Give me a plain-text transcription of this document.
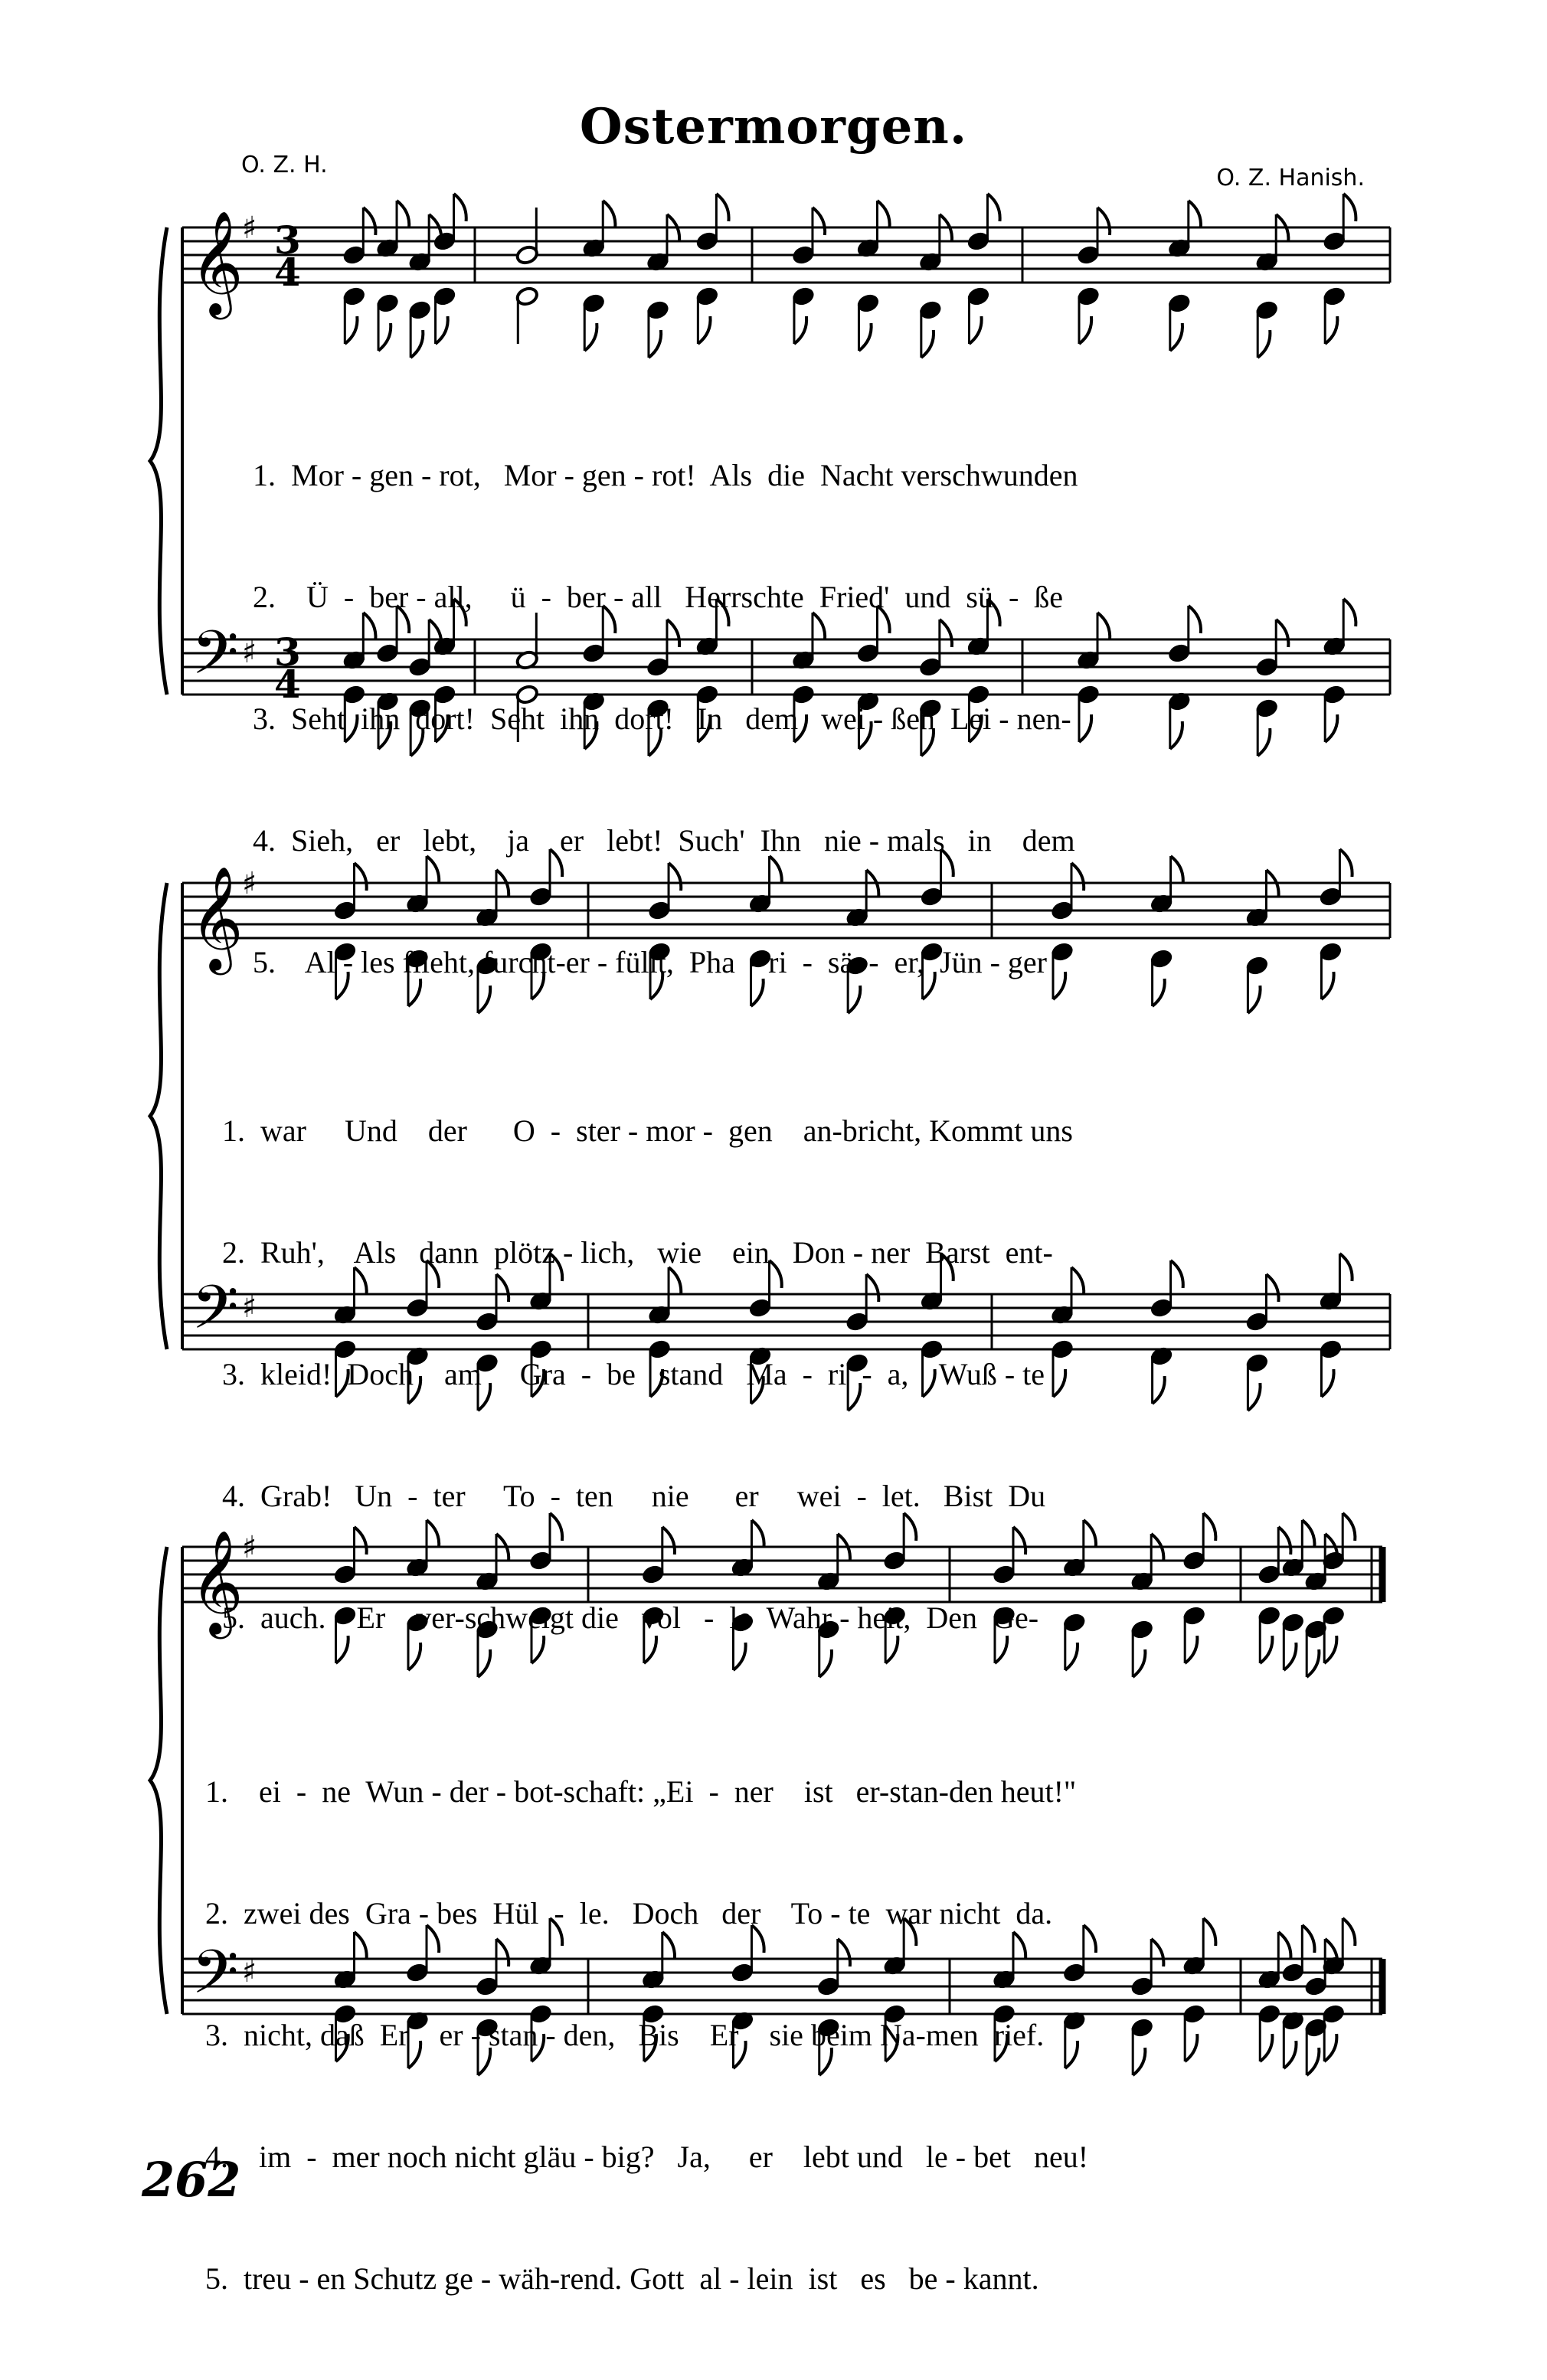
Ostermorgen.
O. Z. H.	O. Z. Hanish.
𝄞
𝄢
♯
♯
3
4
3
4
𝄞
𝄢
♯
♯
𝄞
𝄢
♯
♯

1.  Mor - gen - rot,   Mor - gen - rot!  Als  die  Nacht verschwunden

2.    Ü  -  ber - all,     ü  -  ber - all   Herrschte  Fried'  und  sü  -  ße

3.  Seht  ihn  dort!  Seht  ihn  dort!   In   dem   wei - ßen  Lei - nen-

4.  Sieh,   er   lebt,    ja    er   lebt!  Such'  Ihn   nie - mals   in    dem

5.    Al - les flieht, furcht-er - füllt,  Pha  - ri  -  sä  -  er,  Jün - ger

1.  war     Und    der      O  -  ster - mor -  gen    an-bricht, Kommt uns

2.  Ruh',    Als   dann  plötz - lich,   wie    ein   Don - ner  Barst  ent-

3.  kleid!  Doch    am     Gra  -  be   stand   Ma  -  ri  -  a,    Wuß - te

4.  Grab!   Un  -  ter     To  -  ten     nie      er     wei  -  let.   Bist  Du

5.  auch.    Er    ver-schweigt die   vol   -  le  Wahr - heit,  Den  Ge-

1.    ei  -  ne  Wun - der - bot-schaft: „Ei  -  ner    ist   er-stan-den heut!"

2.  zwei des  Gra - bes  Hül  -  le.   Doch   der    To - te  war nicht  da.

3.  nicht, daß  Er    er - stan - den,   Bis    Er    sie beim Na-men  rief.

4.    im  -  mer noch nicht gläu - big?   Ja,     er    lebt und   le - bet   neu!

5.  treu - en Schutz ge - wäh-rend. Gott  al - lein  ist   es   be - kannt.

262
